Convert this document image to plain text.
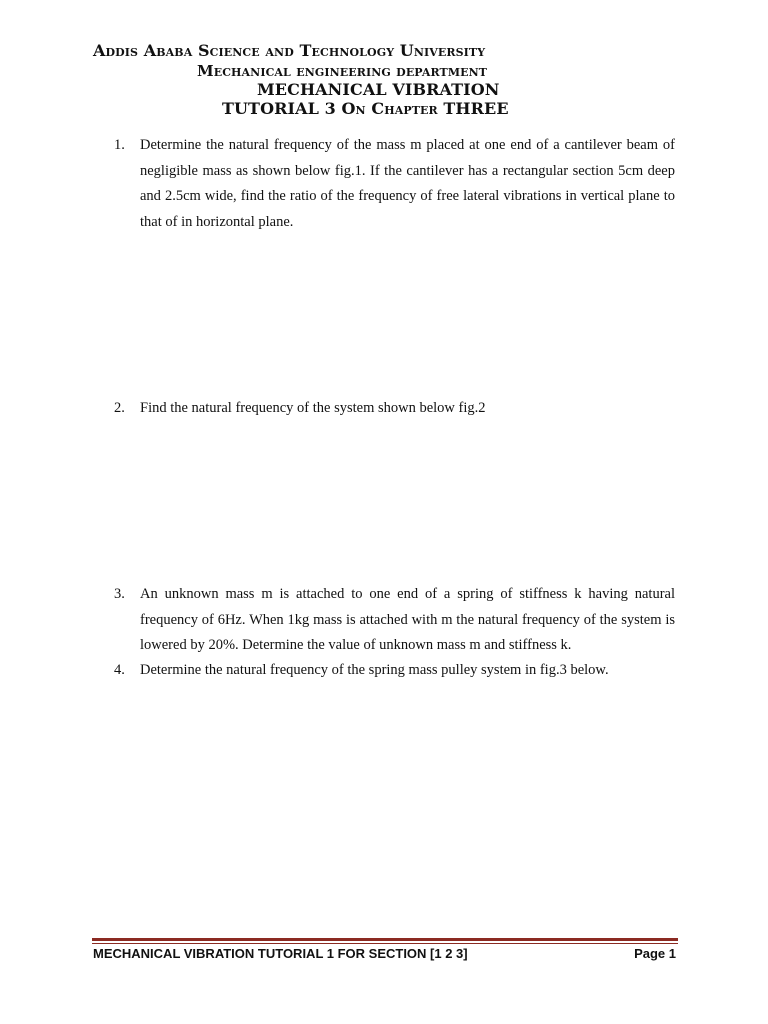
Addis Ababa Science and Technology University

Mechanical engineering department

MECHANICAL VIBRATION

TUTORIAL 3 On Chapter THREE

1.	Determine the natural frequency of the mass m placed at one end of a cantilever beam of negligible mass as shown below fig.1. If the cantilever has a rectangular section 5cm deep and 2.5cm wide, find the ratio of the frequency of free lateral vibrations in vertical plane to that of in horizontal plane.
2.	Find the natural frequency of the system shown below fig.2
3.	An unknown mass m is attached to one end of a spring of stiffness k having natural frequency of 6Hz. When 1kg mass is attached with m the natural frequency of the system is lowered by 20%. Determine the value of unknown mass m and stiffness k.
4.	Determine the natural frequency of the spring mass pulley system in fig.3 below.
MECHANICAL VIBRATION TUTORIAL 1 FOR SECTION [1 2 3]	Page 1
